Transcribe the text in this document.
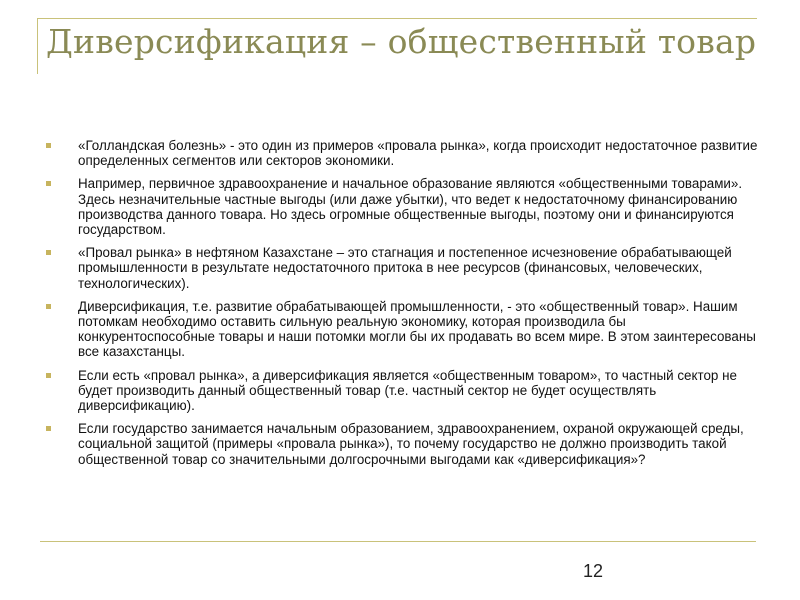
Диверсификация – общественный товар
«Голландская болезнь» - это один из примеров «провала рынка», когда происходит недостаточное развитие определенных сегментов или секторов экономики.
Например, первичное здравоохранение и начальное образование являются «общественными товарами». Здесь незначительные частные выгоды (или даже убытки), что ведет к недостаточному финансированию производства данного товара. Но здесь огромные общественные выгоды, поэтому они и финансируются государством.
«Провал рынка» в нефтяном Казахстане – это стагнация и постепенное исчезновение обрабатывающей промышленности в результате недостаточного притока в нее ресурсов (финансовых, человеческих, технологических).
Диверсификация, т.е. развитие обрабатывающей промышленности, - это «общественный товар». Нашим потомкам необходимо оставить сильную реальную экономику, которая производила бы конкурентоспособные товары и наши потомки могли бы их продавать во всем мире. В этом заинтересованы все казахстанцы.
Если есть «провал рынка», а диверсификация является «общественным товаром», то частный сектор не будет производить данный общественный товар (т.е. частный сектор не будет осуществлять диверсификацию).
Если государство занимается начальным образованием, здравоохранением, охраной окружающей среды, социальной защитой (примеры «провала рынка»), то почему государство не должно производить такой общественной товар со значительными долгосрочными выгодами как «диверсификация»?
12
